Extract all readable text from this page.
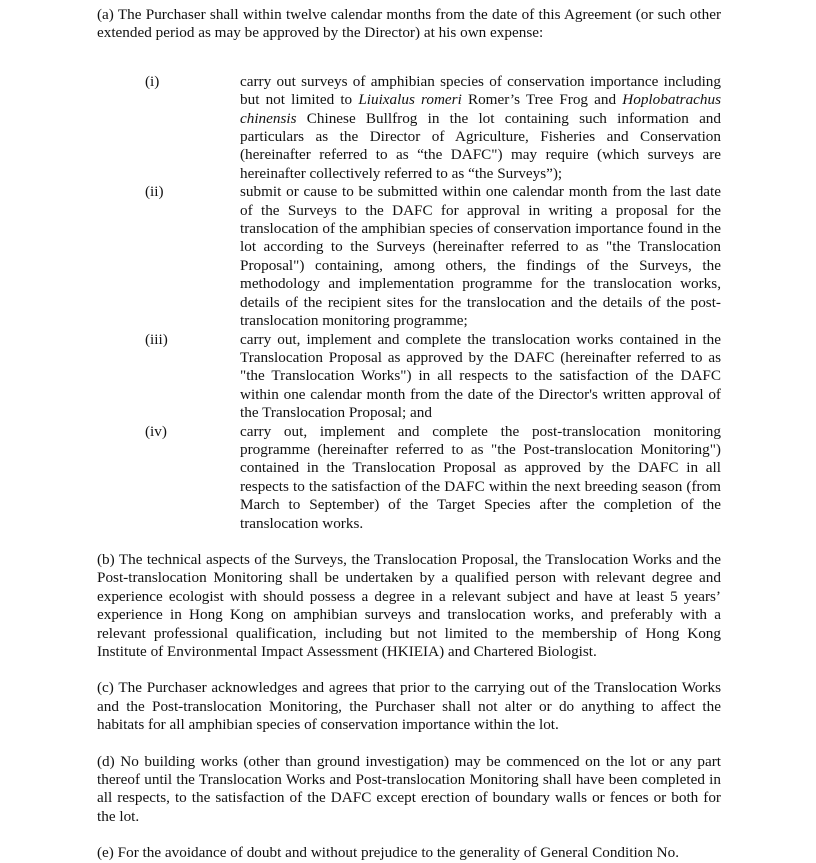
(a) The Purchaser shall within twelve calendar months from the date of this Agreement (or such other extended period as may be approved by the Director) at his own expense:

(i)	carry out surveys of amphibian species of conservation importance including but not limited to Liuixalus romeri Romer’s Tree Frog and Hoplobatrachus chinensis Chinese Bullfrog in the lot containing such information and particulars as the Director of Agriculture, Fisheries and Conservation (hereinafter referred to as “the DAFC") may require (which surveys are hereinafter collectively referred to as “the Surveys”);
(ii)	submit or cause to be submitted within one calendar month from the last date of the Surveys to the DAFC for approval in writing a proposal for the translocation of the amphibian species of conservation importance found in the lot according to the Surveys (hereinafter referred to as "the Translocation Proposal") containing, among others, the findings of the Surveys, the methodology and implementation programme for the translocation works, details of the recipient sites for the translocation and the details of the post-translocation monitoring programme;
(iii)	carry out, implement and complete the translocation works contained in the Translocation Proposal as approved by the DAFC (hereinafter referred to as "the Translocation Works") in all respects to the satisfaction of the DAFC within one calendar month from the date of the Director's written approval of the Translocation Proposal; and
(iv)	carry out, implement and complete the post-translocation monitoring programme (hereinafter referred to as "the Post-translocation Monitoring") contained in the Translocation Proposal as approved by the DAFC in all respects to the satisfaction of the DAFC within the next breeding season (from March to September) of the Target Species after the completion of the translocation works.

(b) The technical aspects of the Surveys, the Translocation Proposal, the Translocation Works and the Post-translocation Monitoring shall be undertaken by a qualified person with relevant degree and experience ecologist with should possess a degree in a relevant subject and have at least 5 years’ experience in Hong Kong on amphibian surveys and translocation works, and preferably with a relevant professional qualification, including but not limited to the membership of Hong Kong Institute of Environmental Impact Assessment (HKIEIA) and Chartered Biologist.

(c) The Purchaser acknowledges and agrees that prior to the carrying out of the Translocation Works and the Post-translocation Monitoring, the Purchaser shall not alter or do anything to affect the habitats for all amphibian species of conservation importance within the lot.

(d) No building works (other than ground investigation) may be commenced on the lot or any part thereof until the Translocation Works and Post-translocation Monitoring shall have been completed in all respects, to the satisfaction of the DAFC except erection of boundary walls or fences or both for the lot.

(e) For the avoidance of doubt and without prejudice to the generality of General Condition No.
